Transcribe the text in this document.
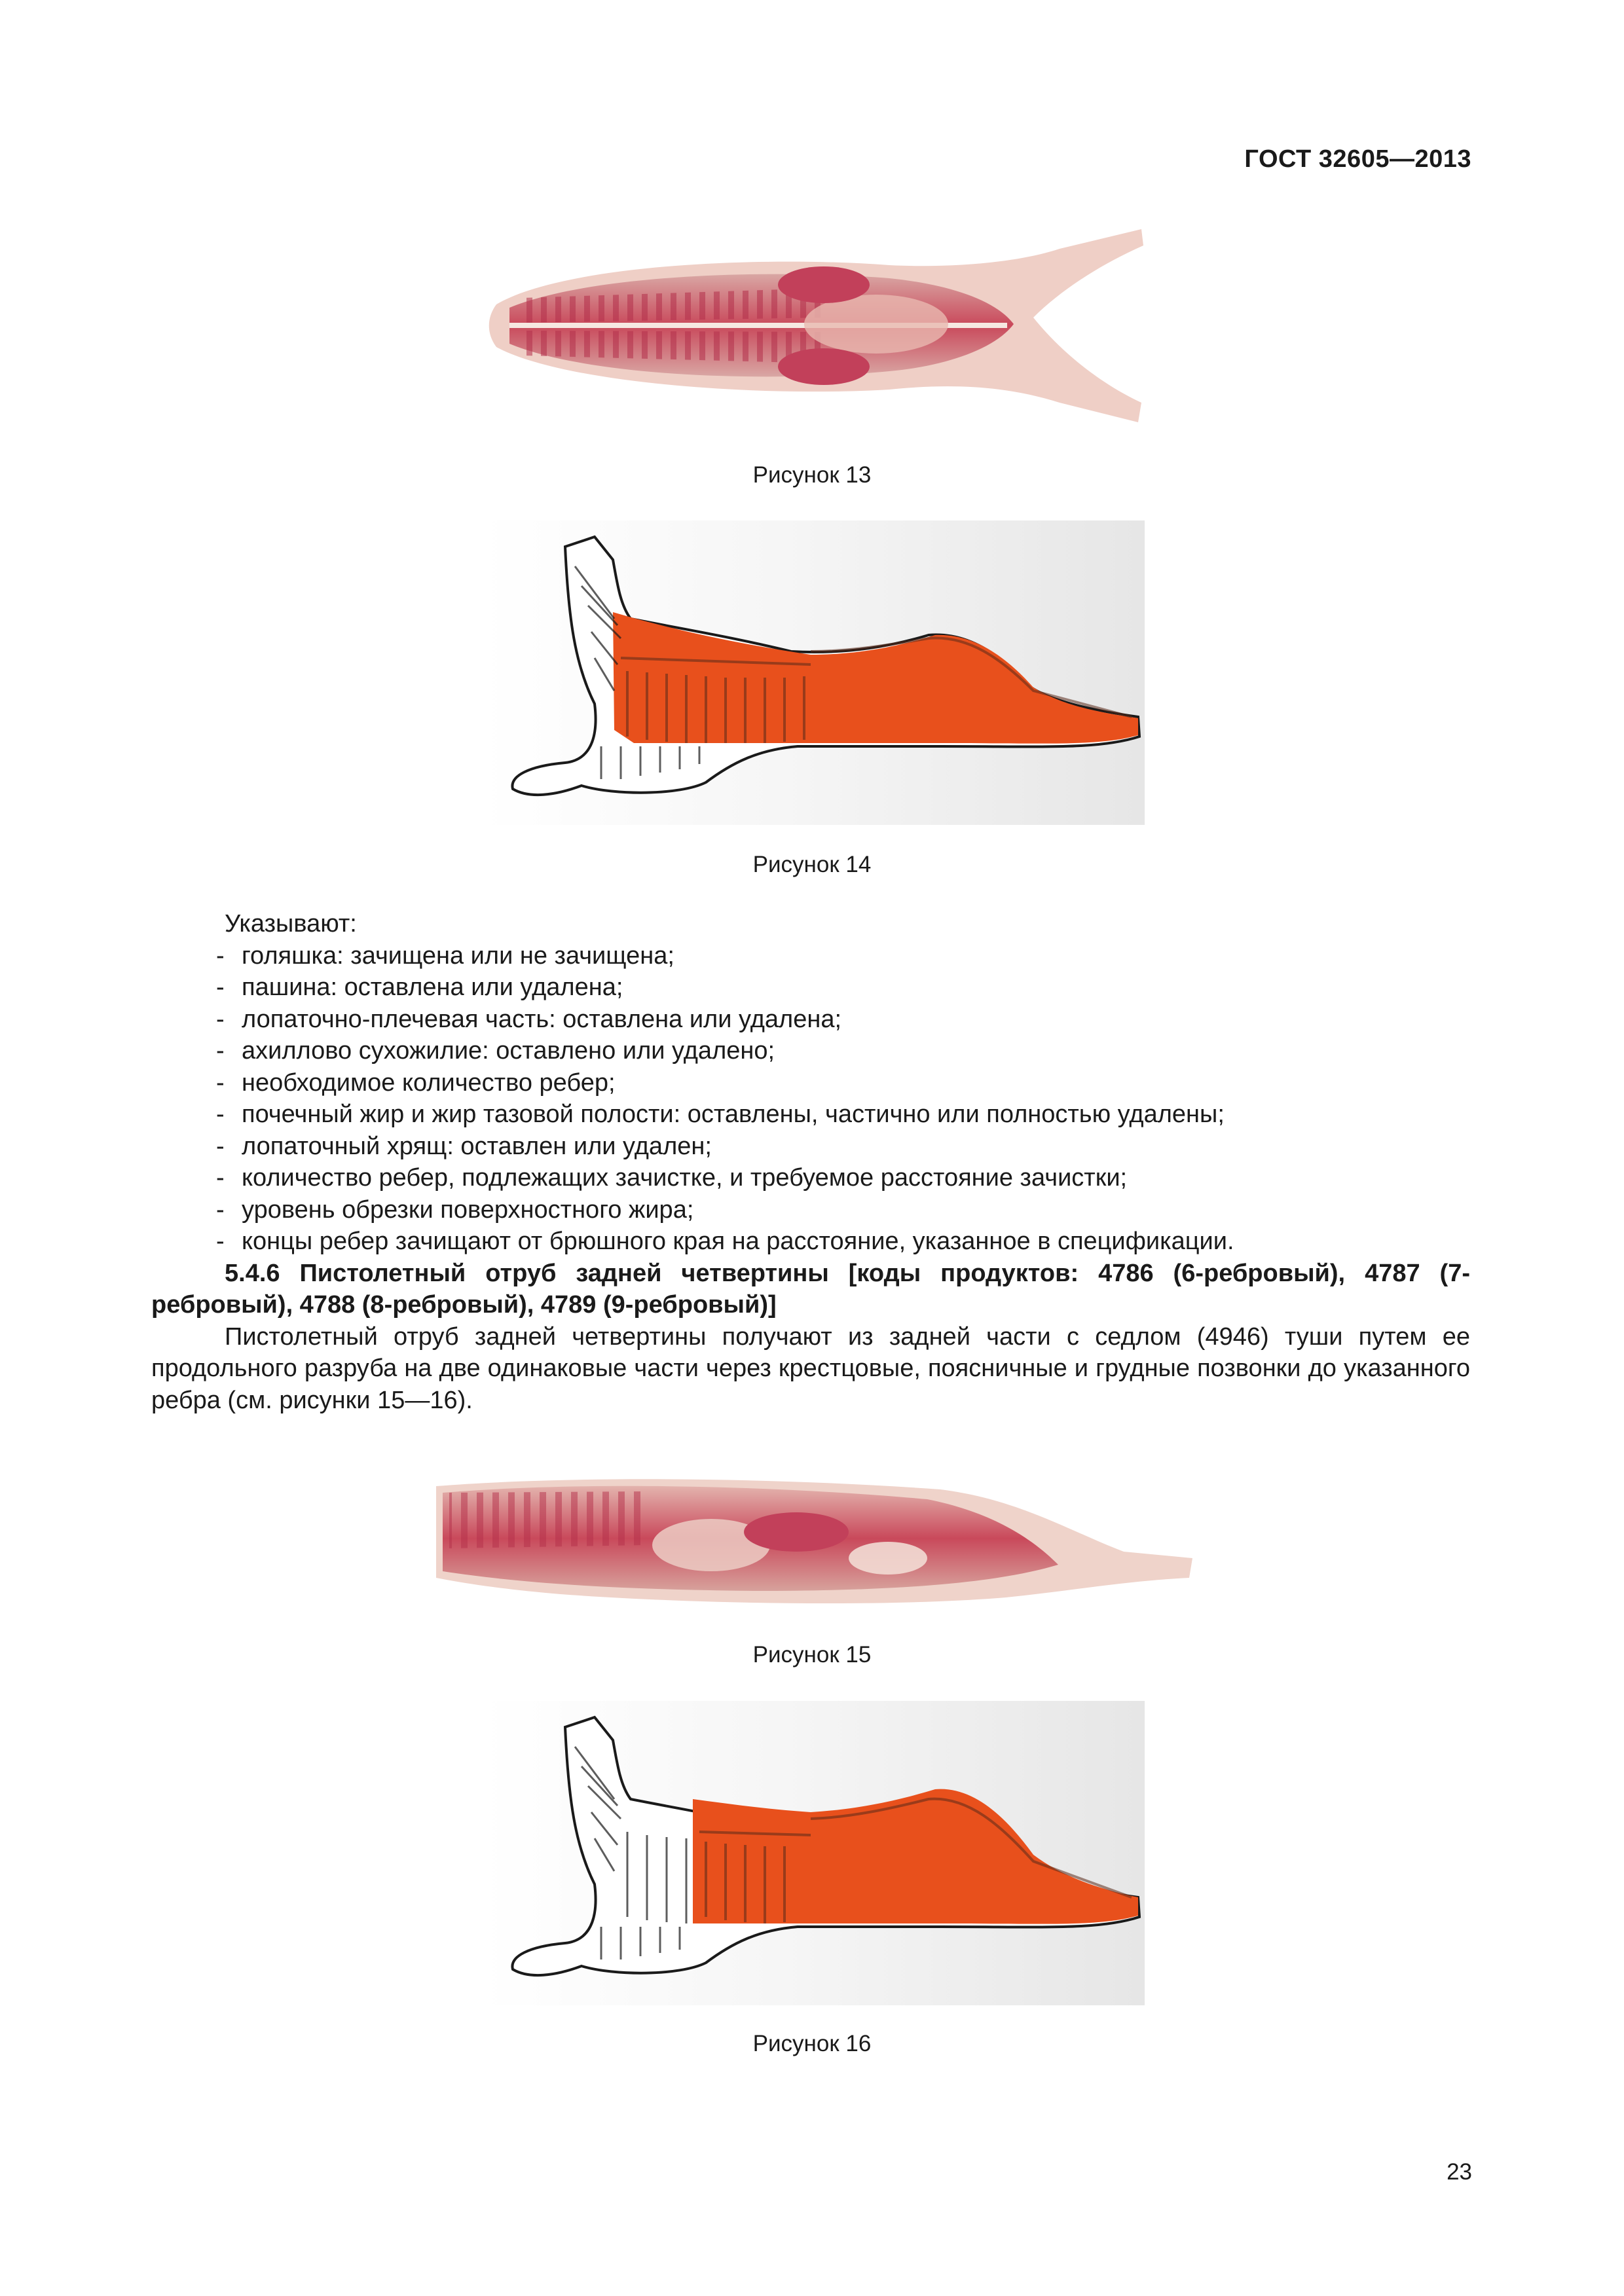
ГОСТ 32605—2013
Рисунок 13
Рисунок 14
Указывают:
- голяшка: зачищена или не зачищена;
- пашина: оставлена или удалена;
- лопаточно-плечевая часть: оставлена или удалена;
- ахиллово сухожилие: оставлено или удалено;
- необходимое количество ребер;
- почечный жир и жир тазовой полости: оставлены, частично или полностью удалены;
- лопаточный хрящ: оставлен или удален;
- количество ребер, подлежащих зачистке, и требуемое расстояние зачистки;
- уровень обрезки поверхностного жира;
- концы ребер зачищают от брюшного края на расстояние, указанное в спецификации.
5.4.6 Пистолетный отруб задней четвертины [коды продуктов: 4786 (6-ребровый), 4787 (7-ребровый), 4788 (8-ребровый), 4789 (9-ребровый)]
Пистолетный отруб задней четвертины получают из задней части с седлом (4946) туши путем ее продольного разруба на две одинаковые части через крестцовые, поясничные и грудные позвонки до указанного ребра (см. рисунки 15—16).
Рисунок 15
Рисунок 16
23
